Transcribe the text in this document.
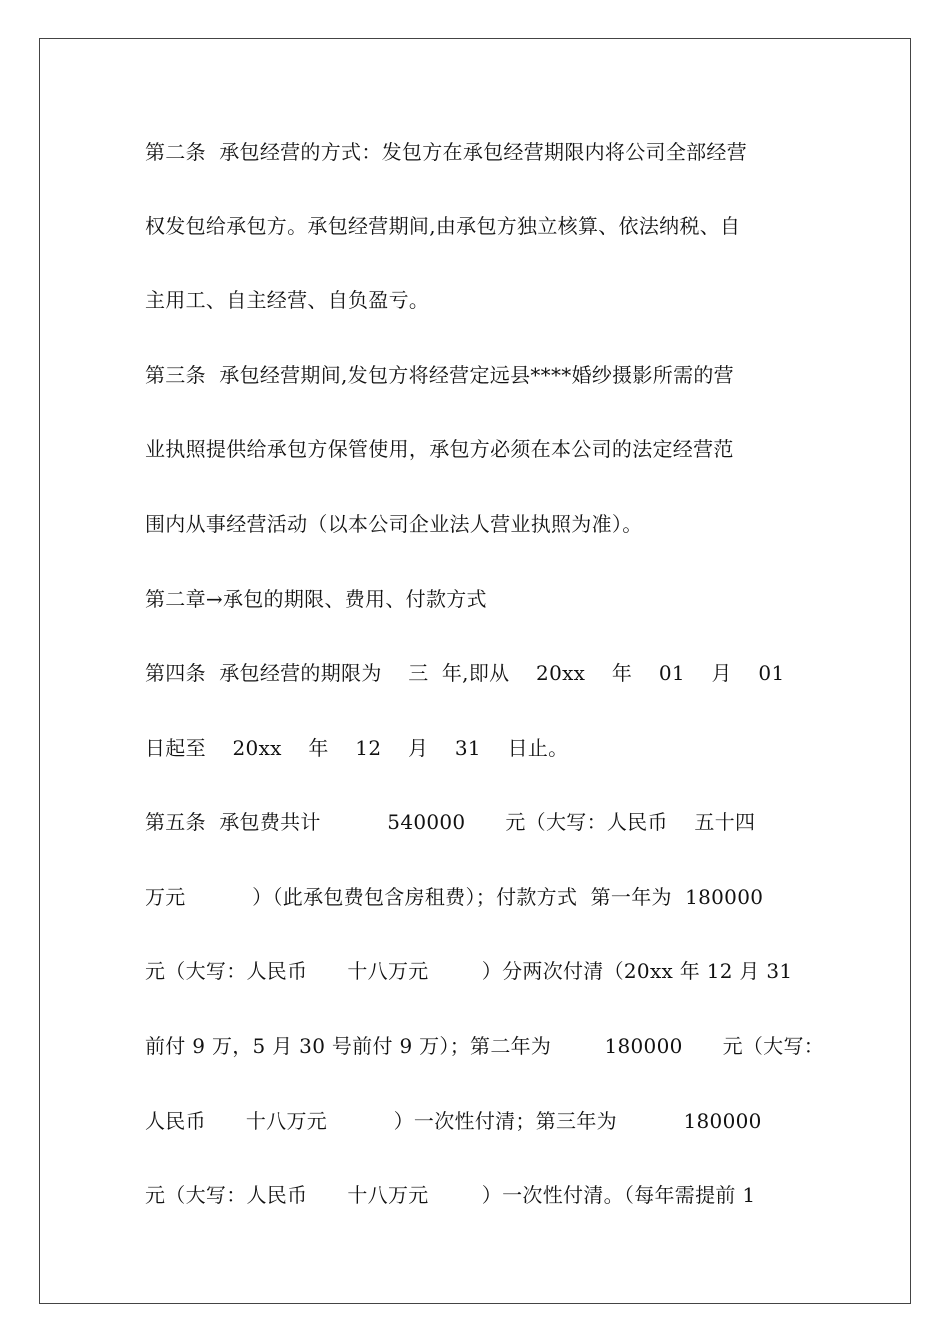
第二条  承包经营的方式：发包方在承包经营期限内将公司全部经营
权发包给承包方。承包经营期间,由承包方独立核算、依法纳税、自
主用工、自主经营、自负盈亏。
第三条  承包经营期间,发包方将经营定远县****婚纱摄影所需的营
业执照提供给承包方保管使用，承包方必须在本公司的法定经营范
围内从事经营活动（以本公司企业法人营业执照为准）。
第二章→承包的期限、费用、付款方式
第四条  承包经营的期限为    三  年,即从    20xx    年    01    月    01
日起至    20xx    年    12    月    31    日止。
第五条  承包费共计          540000      元（大写：人民币    五十四
万元          ）（此承包费包含房租费）；付款方式  第一年为  180000
元（大写：人民币      十八万元        ）分两次付清（20xx 年 12 月 31
前付 9 万，5 月 30 号前付 9 万）；第二年为        180000      元（大写：
人民币      十八万元          ）一次性付清；第三年为          180000
元（大写：人民币      十八万元        ）一次性付清。（每年需提前 1
